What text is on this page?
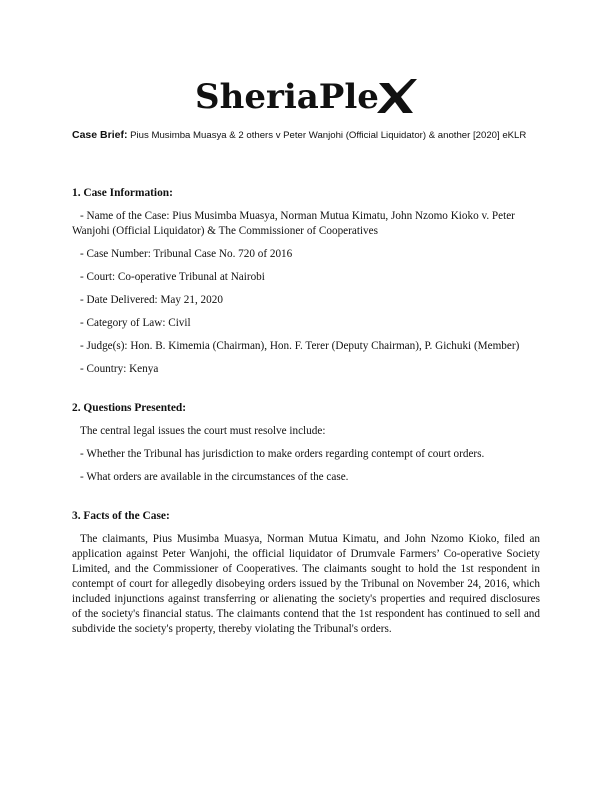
SheriaPle
Case Brief: Pius Musimba Muasya & 2 others v Peter Wanjohi (Official Liquidator) & another [2020] eKLR
1. Case Information:

- Name of the Case: Pius Musimba Muasya, Norman Mutua Kimatu, John Nzomo Kioko v. Peter Wanjohi (Official Liquidator) & The Commissioner of Cooperatives

- Case Number: Tribunal Case No. 720 of 2016

- Court: Co-operative Tribunal at Nairobi

- Date Delivered: May 21, 2020

- Category of Law: Civil

- Judge(s): Hon. B. Kimemia (Chairman), Hon. F. Terer (Deputy Chairman), P. Gichuki (Member)

- Country: Kenya

2. Questions Presented:

The central legal issues the court must resolve include:

- Whether the Tribunal has jurisdiction to make orders regarding contempt of court orders.

- What orders are available in the circumstances of the case.

3. Facts of the Case:

The claimants, Pius Musimba Muasya, Norman Mutua Kimatu, and John Nzomo Kioko, filed an application against Peter Wanjohi, the official liquidator of Drumvale Farmers’ Co-operative Society Limited, and the Commissioner of Cooperatives. The claimants sought to hold the 1st respondent in contempt of court for allegedly disobeying orders issued by the Tribunal on November 24, 2016, which included injunctions against transferring or alienating the society's properties and required disclosures of the society's financial status. The claimants contend that the 1st respondent has continued to sell and subdivide the society's property, thereby violating the Tribunal's orders.
